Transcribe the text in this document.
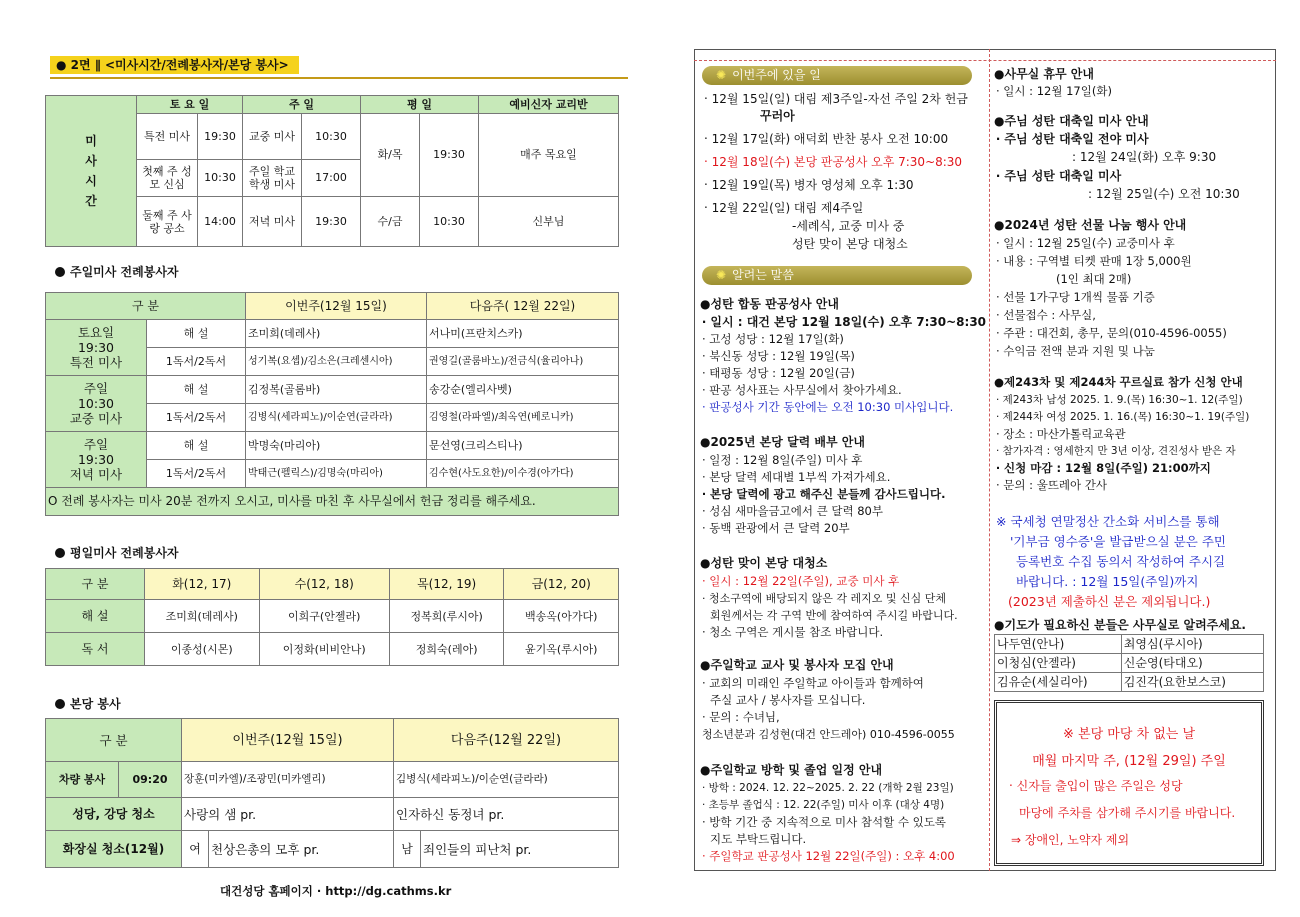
● 2면 ∥ <미사시간/전례봉사자/본당 봉사>
미
사
시
간	토 요 일		주 일		평 일		예비신자 교리반
	특전 미사	19:30	교중 미사	10:30	화/목	19:30	매주 목요일
	첫째 주 성모 신심	10:30	주일 학교 학생 미사	17:00			
	둘째 주 사랑 공소	14:00	저녁 미사	19:30	수/금	10:30	신부님
주일미사 전례봉사자
구 분		이번주(12월 15일)	다음주( 12월 22일)
토요일
19:30
특전 미사	해 설	조미희(데레사)	서나미(프란치스카)
	1독서/2독서	성기복(요셉)/김소은(크레센시아)	권영길(골룸바노)/전금식(율리아나)
주일
10:30
교중 미사	해 설	김정복(골롬바)	송강순(엘리사벳)
	1독서/2독서	김병식(세라피노)/이순연(글라라)	김영철(라파엘)/최옥연(베로니카)
주일
19:30
저녁 미사	해 설	박명숙(마리아)	문선영(크리스티나)
	1독서/2독서	박태근(펠릭스)/김명숙(마리아)	김수현(사도요한)/이수경(아가다)
O 전례 봉사자는 미사 20분 전까지 오시고, 미사를 마친 후 사무실에서 헌금 정리를 해주세요.			
평일미사 전례봉사자
구 분	화(12, 17)	수(12, 18)	목(12, 19)	금(12, 20)
해 설	조미희(데레사)	이희구(안젤라)	정복희(루시아)	백송옥(아가다)
독 서	이종성(시몬)	이정화(비비안나)	정희숙(레아)	윤기옥(루시아)
본당 봉사
구 분		이번주(12월 15일)		다음주(12월 22일)	
차량 봉사	09:20	장훈(미카엘)/조광민(미카엘리)		김병식(세라피노)/이순연(글라라)	
성당, 강당 청소		사랑의 샘 pr.		인자하신 동정녀 pr.	
화장실 청소(12월)		여	천상은총의 모후 pr.	남	죄인들의 피난처 pr.
대건성당 홈페이지 · http://dg.cathms.kr
✺ 이번주에 있을 일
‧ 12월 15일(일) 대림 제3주일-자선 주일 2차 헌금
꾸러아
‧ 12월 17일(화) 애덕회 반찬 봉사 오전 10:00
‧ 12월 18일(수) 본당 판공성사 오후 7:30~8:30
‧ 12월 19일(목) 병자 영성체 오후 1:30
‧ 12월 22일(일) 대림 제4주일
-세례식, 교중 미사 중
성탄 맞이 본당 대청소
✺ 알려는 말씀
●성탄 합동 판공성사 안내
‧ 일시 : 대건 본당 12월 18일(수) 오후 7:30~8:30
‧ 고성 성당 : 12월 17일(화)
‧ 북신동 성당 : 12월 19일(목)
‧ 태평동 성당 : 12월 20일(금)
‧ 판공 성사표는 사무실에서 찾아가세요.
‧ 판공성사 기간 동안에는 오전 10:30 미사입니다.
●2025년 본당 달력 배부 안내
‧ 일정 : 12월 8일(주일) 미사 후
‧ 본당 달력 세대별 1부씩 가져가세요.
‧ 본당 달력에 광고 해주신 분들께 감사드립니다.
‧ 성심 새마을금고에서 큰 달력 80부
‧ 동백 관광에서 큰 달력 20부
●성탄 맞이 본당 대청소
‧ 일시 : 12월 22일(주일), 교중 미사 후
‧ 청소구역에 배당되지 않은 각 레지오 및 신심 단체
회원께서는 각 구역 반에 참여하여 주시길 바랍니다.
‧ 청소 구역은 게시물 참조 바랍니다.
●주일학교 교사 및 봉사자 모집 안내
‧ 교회의 미래인 주일학교 아이들과 함께하여
주실 교사 / 봉사자를 모십니다.
‧ 문의 : 수녀님,
청소년분과 김성현(대건 안드레아) 010-4596-0055
●주일학교 방학 및 졸업 일정 안내
‧ 방학 : 2024. 12. 22~2025. 2. 22 (개학 2월 23일)
‧ 초등부 졸업식 : 12. 22(주일) 미사 이후 (대상 4명)
‧ 방학 기간 중 지속적으로 미사 참석할 수 있도록
지도 부탁드립니다.
‧ 주일학교 판공성사 12월 22일(주일) : 오후 4:00
●사무실 휴무 안내
‧ 일시 : 12월 17일(화)
●주님 성탄 대축일 미사 안내
‧ 주님 성탄 대축일 전야 미사
: 12월 24일(화) 오후 9:30
‧ 주님 성탄 대축일 미사
: 12월 25일(수) 오전 10:30
●2024년 성탄 선물 나눔 행사 안내
‧ 일시 : 12월 25일(수) 교중미사 후
‧ 내용 : 구역별 티켓 판매 1장 5,000원
(1인 최대 2매)
‧ 선물 1가구당 1개씩 물품 기증
‧ 선물접수 : 사무실,
‧ 주관 : 대건회, 총무, 문의(010-4596-0055)
‧ 수익금 전액 분과 지원 및 나눔
●제243차 및 제244차 꾸르실료 참가 신청 안내
‧ 제243차 남성 2025. 1. 9.(목) 16:30~1. 12(주일)
‧ 제244차 여성 2025. 1. 16.(목) 16:30~1. 19(주일)
‧ 장소 : 마산가톨릭교육관
‧ 참가자격 : 영세한지 만 3년 이상, 견진성사 받은 자
‧ 신청 마감 : 12월 8일(주일) 21:00까지
‧ 문의 : 울뜨레아 간사
※ 국세청 연말정산 간소화 서비스를 통해
'기부금 영수증'을 발급받으실 분은 주민
등록번호 수집 동의서 작성하여 주시길
바랍니다. : 12월 15일(주일)까지
(2023년 제출하신 분은 제외됩니다.)
●기도가 필요하신 분들은 사무실로 알려주세요.
나두연(안나)	최영심(루시아)
이청심(안젤라)	신순영(타대오)
김유순(세실리아)	김진각(요한보스코)
※ 본당 마당 차 없는 날
매월 마지막 주, (12월 29일) 주일
‧ 신자들 출입이 많은 주일은 성당
마당에 주차를 삼가해 주시기를 바랍니다.
⇒ 장애인, 노약자 제외
